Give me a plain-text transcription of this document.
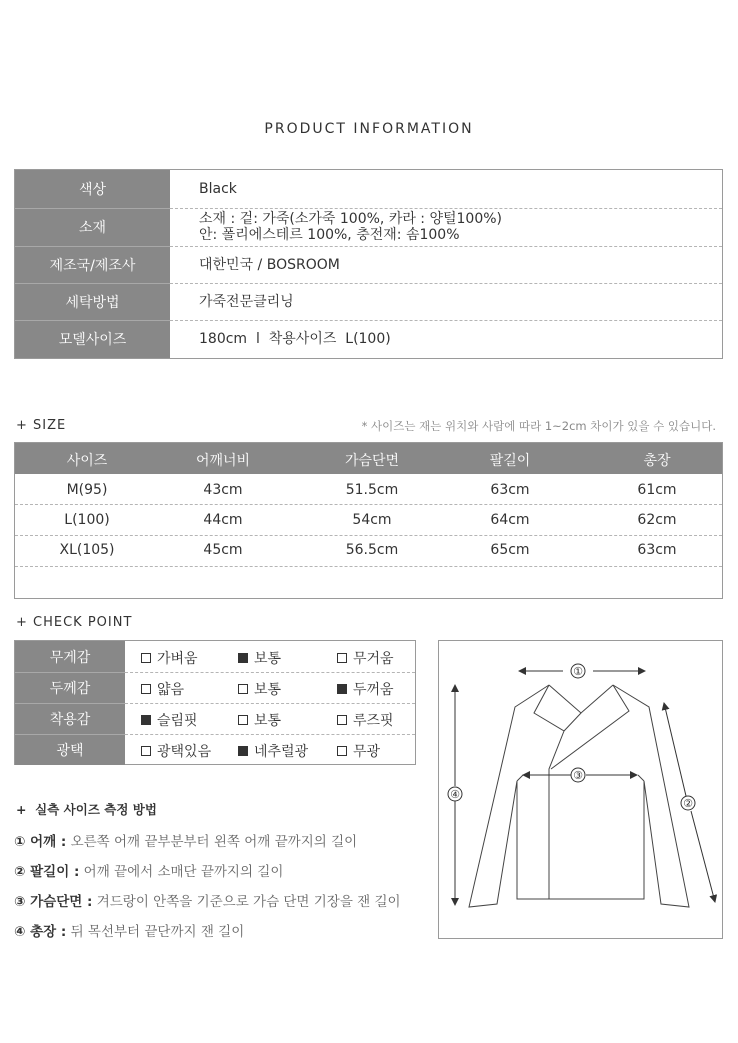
PRODUCT INFORMATION
색상	Black
소재
소재 : 겉: 가죽(소가죽 100%, 카라 : 양털100%)
안: 폴리에스테르 100%, 충전재: 솜100%
제조국/제조사	대한민국 / BOSROOM
세탁방법	가죽전문클리닝
모델사이즈	180cm  l  착용사이즈  L(100)
+ SIZE	* 사이즈는 재는 위치와 사람에 따라 1~2cm 차이가 있을 수 있습니다.
사이즈	어깨너비	가슴단면	팔길이	총장
M(95)	43cm	51.5cm	63cm	61cm
L(100)	44cm	54cm	64cm	62cm
XL(105)	45cm	56.5cm	65cm	63cm
+ CHECK POINT
무게감	가벼움	보통	무거움
두께감	얇음	보통	두꺼움
착용감	슬림핏	보통	루즈핏
광택	광택있음	네추럴광	무광
+  실측 사이즈 측정 방법
① 어깨 : 오른쪽 어깨 끝부분부터 왼쪽 어깨 끝까지의 길이
② 팔길이 : 어깨 끝에서 소매단 끝까지의 길이
③ 가슴단면 : 겨드랑이 안쪽을 기준으로 가슴 단면 기장을 잰 길이
④ 총장 : 뒤 목선부터 끝단까지 잰 길이
①
③
④
②
